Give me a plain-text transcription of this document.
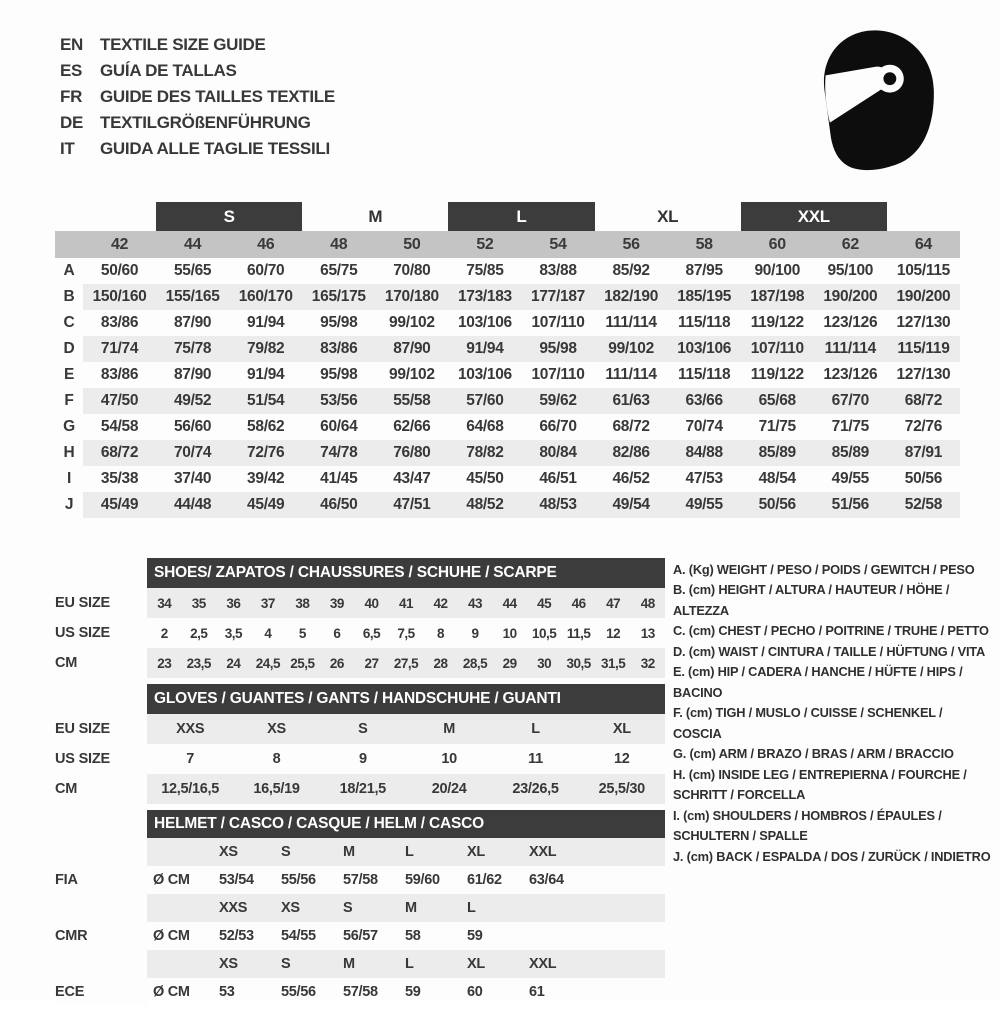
EN TEXTILE SIZE GUIDE
ES	GUÍA DE TALLAS
FR	GUIDE DES TAILLES TEXTILE
DE TEXTILGRÖßENFÜHRUNG
IT	GUIDA ALLE TAGLIE TESSILI
		S		M		L		XL		XXL		
	42	44	46	48	50	52	54	56	58	60	62	64
A	50/60	55/65	60/70	65/75	70/80	75/85	83/88	85/92	87/95	90/100	95/100	105/115
B	150/160	155/165	160/170	165/175	170/180	173/183	177/187	182/190	185/195	187/198	190/200	190/200
C	83/86	87/90	91/94	95/98	99/102	103/106	107/110	111/114	115/118	119/122	123/126	127/130
D	71/74	75/78	79/82	83/86	87/90	91/94	95/98	99/102	103/106	107/110	111/114	115/119
E	83/86	87/90	91/94	95/98	99/102	103/106	107/110	111/114	115/118	119/122	123/126	127/130
F	47/50	49/52	51/54	53/56	55/58	57/60	59/62	61/63	63/66	65/68	67/70	68/72
G	54/58	56/60	58/62	60/64	62/66	64/68	66/70	68/72	70/74	71/75	71/75	72/76
H	68/72	70/74	72/76	74/78	76/80	78/82	80/84	82/86	84/88	85/89	85/89	87/91
I	35/38	37/40	39/42	41/45	43/47	45/50	46/51	46/52	47/53	48/54	49/55	50/56
J	45/49	44/48	45/49	46/50	47/51	48/52	48/53	49/54	49/55	50/56	51/56	52/58
	SHOES/ ZAPATOS / CHAUSSURES / SCHUHE / SCARPE														
EU SIZE	34	35	36	37	38	39	40	41	42	43	44	45	46	47	48
US SIZE	2	2,5	3,5	4	5	6	6,5	7,5	8	9	10	10,5	11,5	12	13
CM	23	23,5	24	24,5	25,5	26	27	27,5	28	28,5	29	30	30,5	31,5	32
	GLOVES / GUANTES / GANTS / HANDSCHUHE / GUANTI					
EU SIZE	XXS	XS	S	M	L	XL
US SIZE	7	8	9	10	11	12
CM	12,5/16,5	16,5/19	18/21,5	20/24	23/26,5	25,5/30
	HELMET / CASCO / CASQUE / HELM / CASCO							
		XS	S	M	L	XL	XXL	
FIA	Ø CM	53/54	55/56	57/58	59/60	61/62	63/64	
		XXS	XS	S	M	L		
CMR	Ø CM	52/53	54/55	56/57	58	59		
		XS	S	M	L	XL	XXL	
ECE	Ø CM	53	55/56	57/58	59	60	61	
A. (Kg) WEIGHT / PESO / POIDS / GEWITCH / PESO
B. (cm) HEIGHT / ALTURA / HAUTEUR / HÖHE / ALTEZZA
C. (cm) CHEST / PECHO / POITRINE / TRUHE / PETTO
D. (cm) WAIST / CINTURA / TAILLE / HÜFTUNG / VITA
E. (cm) HIP / CADERA / HANCHE / HÜFTE / HIPS / BACINO
F. (cm) TIGH / MUSLO / CUISSE / SCHENKEL / COSCIA
G. (cm) ARM / BRAZO / BRAS / ARM / BRACCIO
H. (cm) INSIDE LEG / ENTREPIERNA / FOURCHE / SCHRITT / FORCELLA
I. (cm) SHOULDERS / HOMBROS / ÉPAULES / SCHULTERN / SPALLE
J. (cm) BACK / ESPALDA / DOS / ZURÜCK / INDIETRO
